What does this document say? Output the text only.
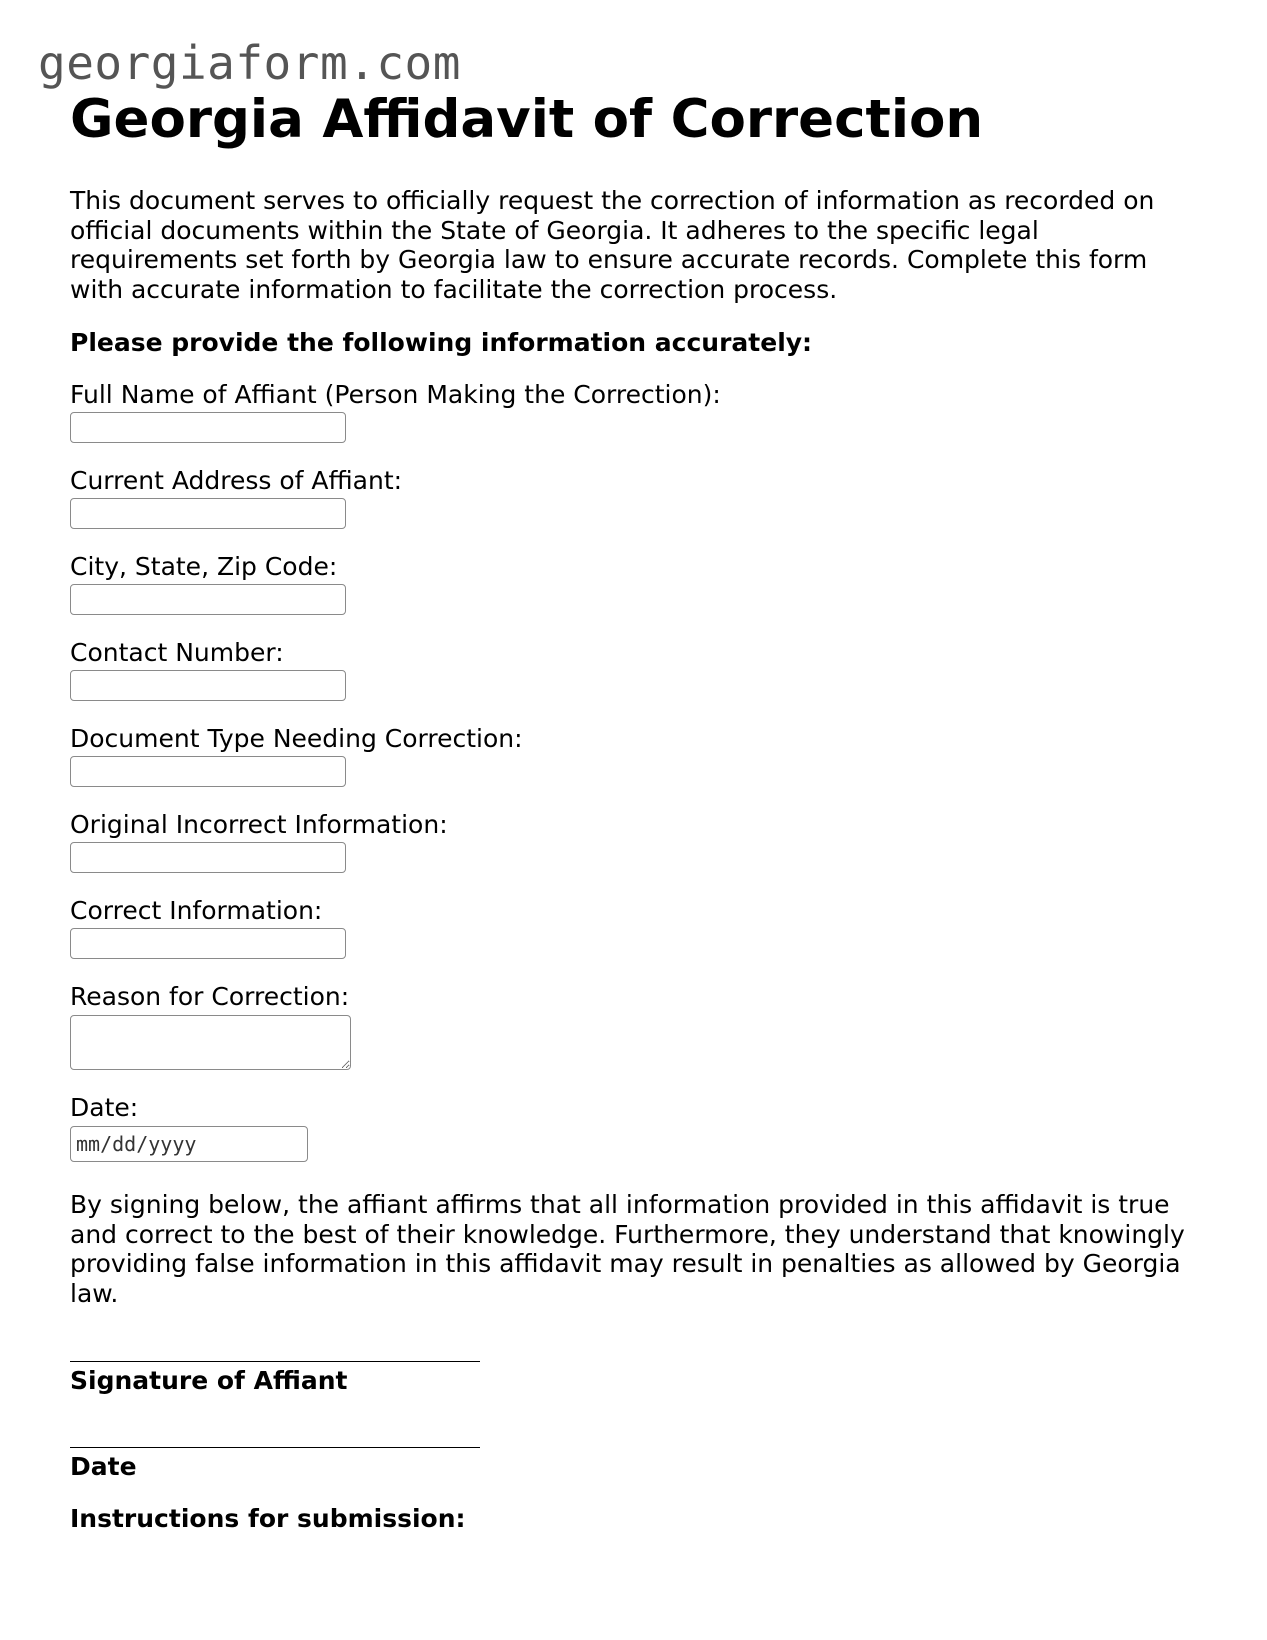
georgiaform.com
Georgia Affidavit of Correction

This document serves to officially request the correction of information as recorded on official documents within the State of Georgia. It adheres to the specific legal requirements set forth by Georgia law to ensure accurate records. Complete this form with accurate information to facilitate the correction process.

Please provide the following information accurately:

Full Name of Affiant (Person Making the Correction):
Current Address of Affiant:
City, State, Zip Code:
Contact Number:
Document Type Needing Correction:
Original Incorrect Information:
Correct Information:
Reason for Correction:
Date:
mm/dd/yyyy

By signing below, the affiant affirms that all information provided in this affidavit is true and correct to the best of their knowledge. Furthermore, they understand that knowingly providing false information in this affidavit may result in penalties as allowed by Georgia law.

Signature of Affiant
Date
Instructions for submission:
